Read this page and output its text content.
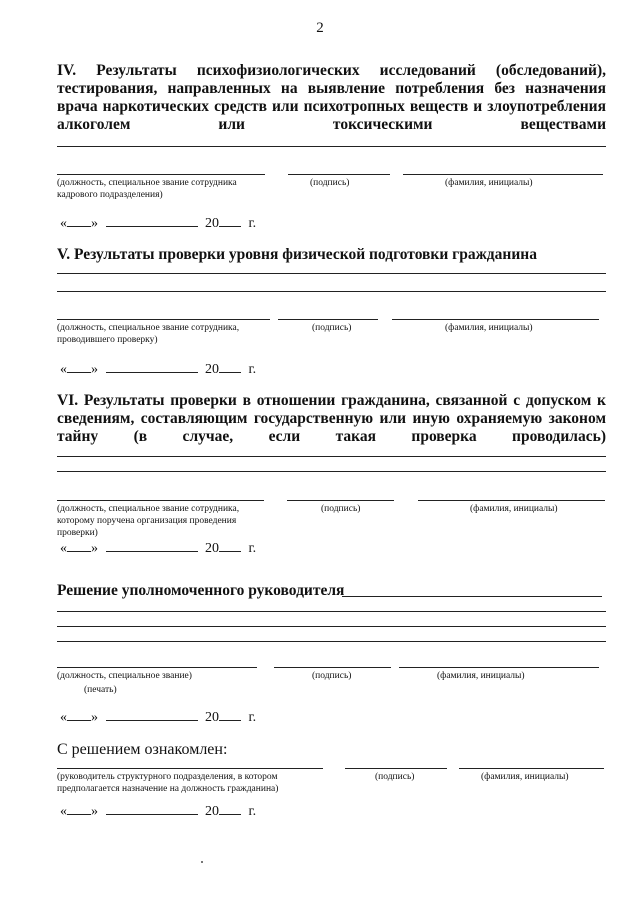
2
IV. Результаты психофизиологических исследований (обследований), тестирования, направленных на выявление потребления без назначения врача наркотических средств или психотропных веществ и злоупотребления алкоголем или токсическими веществами
(должность, специальное звание сотрудника кадрового подразделения)
(подпись)	(фамилия, инициалы)
« »	20 г.
V. Результаты проверки уровня физической подготовки гражданина
(должность, специальное звание сотрудника, проводившего проверку)
(подпись)	(фамилия, инициалы)
« »	20 г.
VI. Результаты проверки в отношении гражданина, связанной с допуском к сведениям, составляющим государственную или иную охраняемую законом тайну (в случае, если такая проверка проводилась)
(должность, специальное звание сотрудника, которому поручена организация проведения проверки)
(подпись)	(фамилия, инициалы)
« »	20 г.
Решение уполномоченного руководителя
(должность, специальное звание)
(печать)
(подпись)	(фамилия, инициалы)
« »	20 г.
С решением ознакомлен:
(руководитель структурного подразделения, в котором предполагается назначение на должность гражданина)
(подпись)	(фамилия, инициалы)
« »	20 г.
